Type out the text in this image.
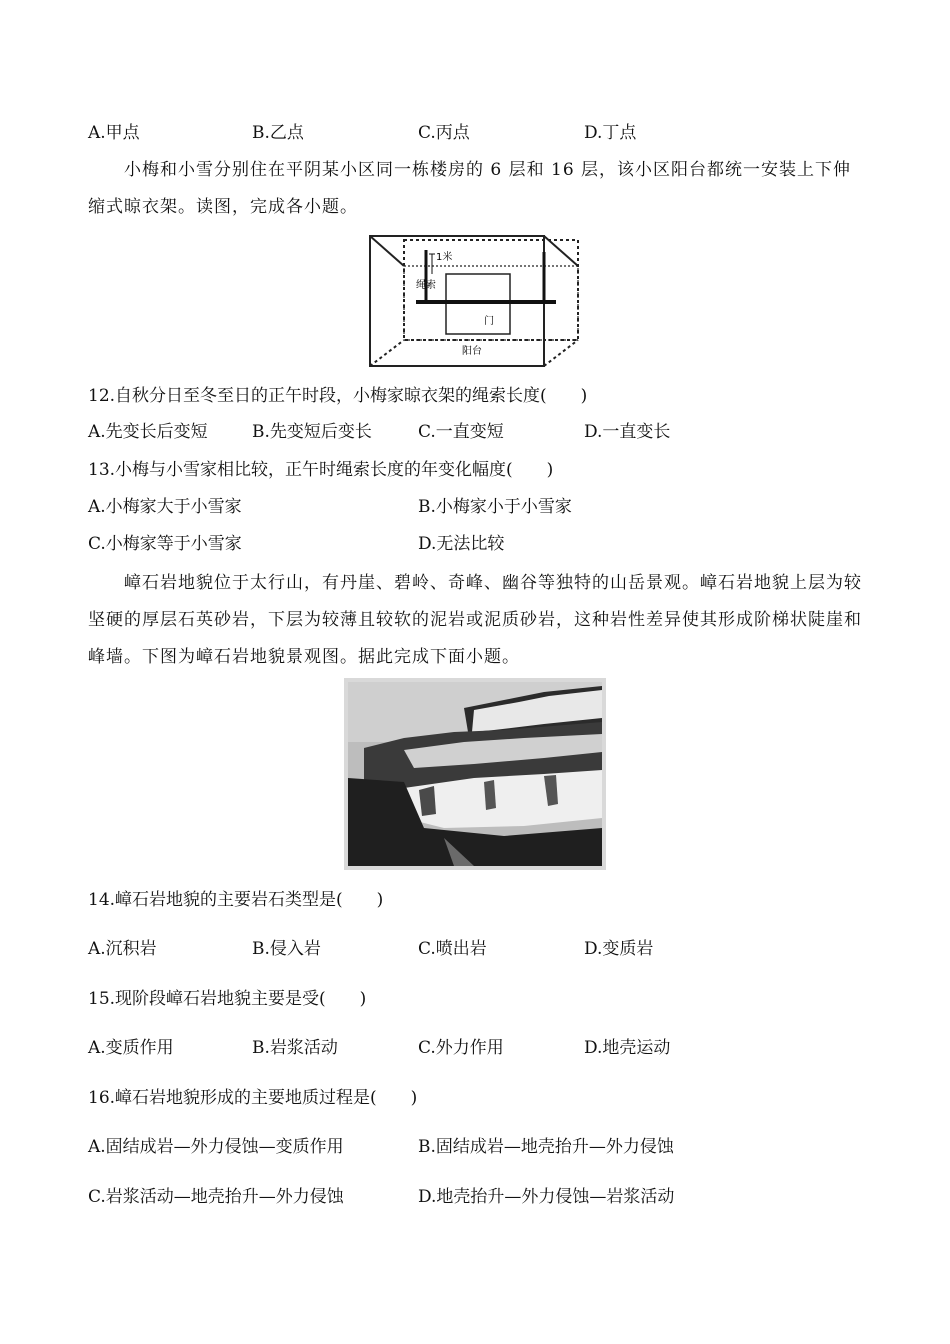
A.甲点	B.乙点	C.丙点	D.丁点
小梅和小雪分别住在平阴某小区同一栋楼房的 6 层和 16 层，该小区阳台都统一安装上下伸缩式晾衣架。读图，完成各小题。
1米
绳索
门
阳台
12.自秋分日至冬至日的正午时段，小梅家晾衣架的绳索长度(　　)
A.先变长后变短	B.先变短后变长	C.一直变短	D.一直变长
13.小梅与小雪家相比较，正午时绳索长度的年变化幅度(　　)
A.小梅家大于小雪家	B.小梅家小于小雪家
C.小梅家等于小雪家	D.无法比较
嶂石岩地貌位于太行山，有丹崖、碧岭、奇峰、幽谷等独特的山岳景观。嶂石岩地貌上层为较坚硬的厚层石英砂岩，下层为较薄且较软的泥岩或泥质砂岩，这种岩性差异使其形成阶梯状陡崖和峰墙。下图为嶂石岩地貌景观图。据此完成下面小题。
14.嶂石岩地貌的主要岩石类型是(　　)
A.沉积岩	B.侵入岩	C.喷出岩	D.变质岩
15.现阶段嶂石岩地貌主要是受(　　)
A.变质作用	B.岩浆活动	C.外力作用	D.地壳运动
16.嶂石岩地貌形成的主要地质过程是(　　)
A.固结成岩—外力侵蚀—变质作用	B.固结成岩—地壳抬升—外力侵蚀
C.岩浆活动—地壳抬升—外力侵蚀	D.地壳抬升—外力侵蚀—岩浆活动
